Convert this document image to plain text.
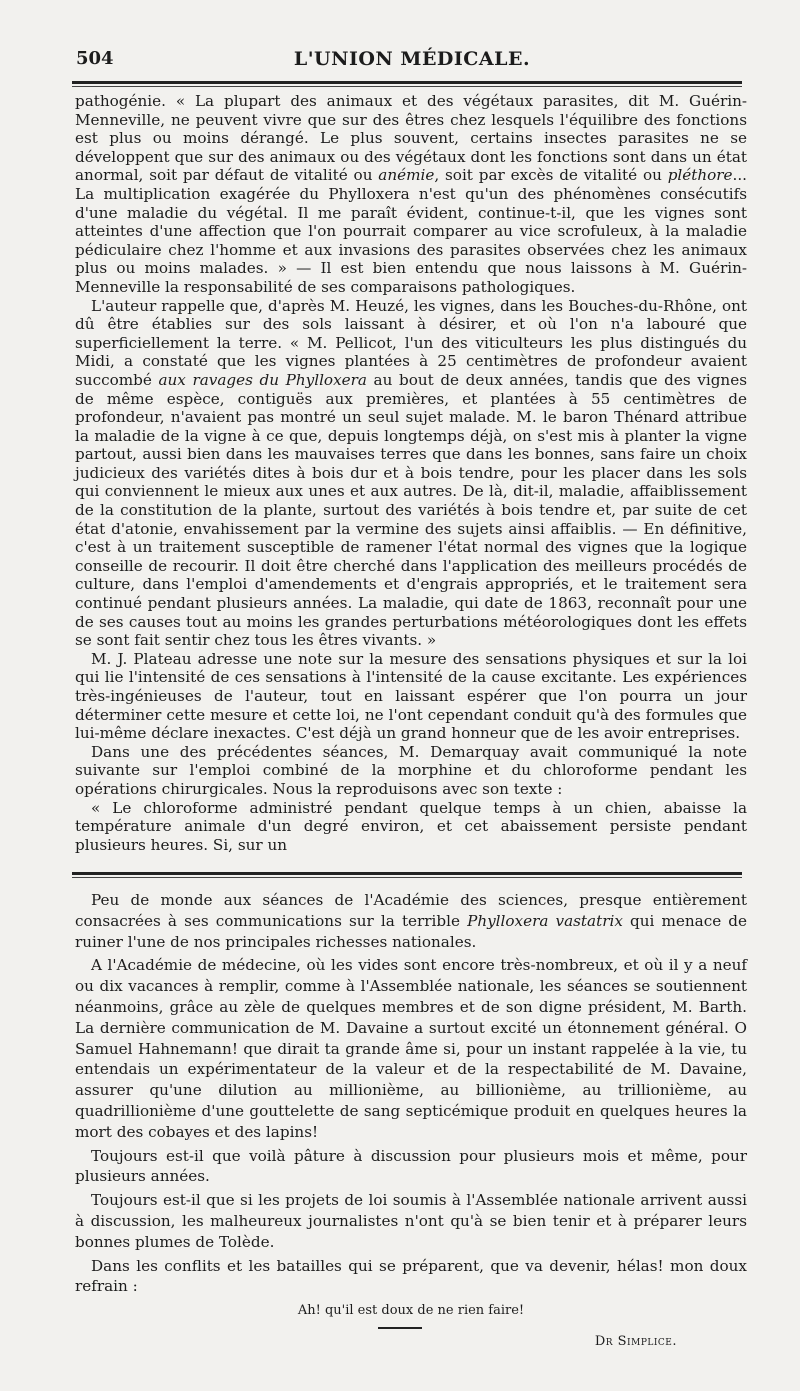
504	L'UNION MÉDICALE.

pathogénie. « La plupart des animaux et des végétaux parasites, dit M. Guérin-Menneville, ne peuvent vivre que sur des êtres chez lesquels l'équilibre des fonctions est plus ou moins dérangé. Le plus souvent, certains insectes parasites ne se développent que sur des animaux ou des végétaux dont les fonctions sont dans un état anormal, soit par défaut de vitalité ou anémie, soit par excès de vitalité ou pléthore... La multiplication exagérée du Phylloxera n'est qu'un des phénomènes consécutifs d'une maladie du végétal. Il me paraît évident, continue-t-il, que les vignes sont atteintes d'une affection que l'on pourrait comparer au vice scrofuleux, à la maladie pédiculaire chez l'homme et aux invasions des parasites observées chez les animaux plus ou moins malades. » — Il est bien entendu que nous laissons à M. Guérin-Menneville la responsabilité de ses comparaisons pathologiques.

L'auteur rappelle que, d'après M. Heuzé, les vignes, dans les Bouches-du-Rhône, ont dû être établies sur des sols laissant à désirer, et où l'on n'a labouré que superficiellement la terre. « M. Pellicot, l'un des viticulteurs les plus distingués du Midi, a constaté que les vignes plantées à 25 centimètres de profondeur avaient succombé aux ravages du Phylloxera au bout de deux années, tandis que des vignes de même espèce, contiguës aux premières, et plantées à 55 centimètres de profondeur, n'avaient pas montré un seul sujet malade. M. le baron Thénard attribue la maladie de la vigne à ce que, depuis longtemps déjà, on s'est mis à planter la vigne partout, aussi bien dans les mauvaises terres que dans les bonnes, sans faire un choix judicieux des variétés dites à bois dur et à bois tendre, pour les placer dans les sols qui conviennent le mieux aux unes et aux autres. De là, dit-il, maladie, affaiblissement de la constitution de la plante, surtout des variétés à bois tendre et, par suite de cet état d'atonie, envahissement par la vermine des sujets ainsi affaiblis. — En définitive, c'est à un traitement susceptible de ramener l'état normal des vignes que la logique conseille de recourir. Il doit être cherché dans l'application des meilleurs procédés de culture, dans l'emploi d'amendements et d'engrais appropriés, et le traitement sera continué pendant plusieurs années. La maladie, qui date de 1863, reconnaît pour une de ses causes tout au moins les grandes perturbations météorologiques dont les effets se sont fait sentir chez tous les êtres vivants. »

M. J. Plateau adresse une note sur la mesure des sensations physiques et sur la loi qui lie l'intensité de ces sensations à l'intensité de la cause excitante. Les expériences très-ingénieuses de l'auteur, tout en laissant espérer que l'on pourra un jour déterminer cette mesure et cette loi, ne l'ont cependant conduit qu'à des formules que lui-même déclare inexactes. C'est déjà un grand honneur que de les avoir entreprises.

Dans une des précédentes séances, M. Demarquay avait communiqué la note suivante sur l'emploi combiné de la morphine et du chloroforme pendant les opérations chirurgicales. Nous la reproduisons avec son texte :

« Le chloroforme administré pendant quelque temps à un chien, abaisse la température animale d'un degré environ, et cet abaissement persiste pendant plusieurs heures. Si, sur un

Peu de monde aux séances de l'Académie des sciences, presque entièrement consacrées à ses communications sur la terrible Phylloxera vastatrix qui menace de ruiner l'une de nos principales richesses nationales.

A l'Académie de médecine, où les vides sont encore très-nombreux, et où il y a neuf ou dix vacances à remplir, comme à l'Assemblée nationale, les séances se soutiennent néanmoins, grâce au zèle de quelques membres et de son digne président, M. Barth. La dernière communication de M. Davaine a surtout excité un étonnement général. O Samuel Hahnemann! que dirait ta grande âme si, pour un instant rappelée à la vie, tu entendais un expérimentateur de la valeur et de la respectabilité de M. Davaine, assurer qu'une dilution au millionième, au billionième, au trillionième, au quadrillionième d'une gouttelette de sang septicémique produit en quelques heures la mort des cobayes et des lapins!

Toujours est-il que voilà pâture à discussion pour plusieurs mois et même, pour plusieurs années.

Toujours est-il que si les projets de loi soumis à l'Assemblée nationale arrivent aussi à discussion, les malheureux journalistes n'ont qu'à se bien tenir et à préparer leurs bonnes plumes de Tolède.

Dans les conflits et les batailles qui se préparent, que va devenir, hélas! mon doux refrain :

Ah! qu'il est doux de ne rien faire!
Dr Simplice.
